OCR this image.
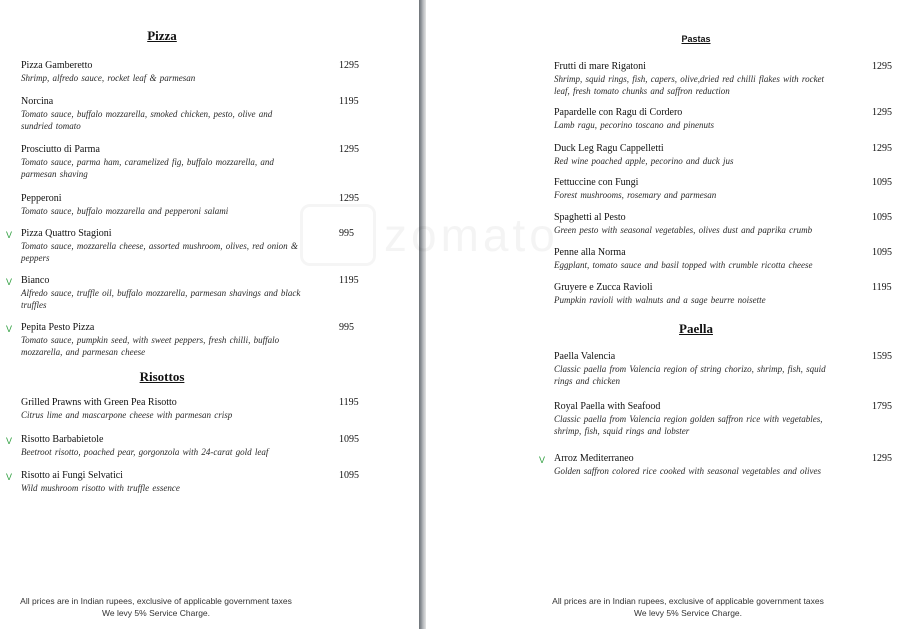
Pizza
Pizza Gamberetto
Shrimp, alfredo sauce, rocket leaf & parmesan
1295
Norcina
Tomato sauce, buffalo mozzarella, smoked chicken, pesto, olive and sundried tomato
1195
Prosciutto di Parma
Tomato sauce, parma ham, caramelized fig, buffalo mozzarella, and parmesan shaving
1295
Pepperoni
Tomato sauce, buffalo mozzarella and pepperoni salami
1295
Pizza Quattro Stagioni
Tomato sauce, mozzarella cheese, assorted mushroom, olives, red onion & peppers
995
V
Bianco
Alfredo sauce, truffle oil, buffalo mozzarella, parmesan shavings and black truffles
1195
V
Pepita Pesto Pizza
Tomato sauce, pumpkin seed, with sweet peppers, fresh chilli, buffalo mozzarella, and parmesan cheese
995
V
Risottos
Grilled Prawns with Green Pea Risotto
Citrus lime and mascarpone cheese with parmesan crisp
1195
Risotto Barbabietole
Beetroot risotto, poached pear, gorgonzola with 24-carat gold leaf
1095
V
Risotto ai Fungi Selvatici
Wild mushroom risotto with truffle essence
1095
V
All prices are in Indian rupees, exclusive of applicable government taxes
We levy 5% Service Charge.
Pastas
Frutti di mare Rigatoni
Shrimp, squid rings, fish, capers, olive,dried red chilli flakes with rocket leaf, fresh tomato chunks and saffron reduction
1295
Papardelle con Ragu di Cordero
Lamb ragu, pecorino toscano and pinenuts
1295
Duck Leg Ragu Cappelletti
Red wine poached apple, pecorino and duck jus
1295
Fettuccine con Fungi
Forest mushrooms, rosemary and parmesan
1095
Spaghetti al Pesto
Green pesto with seasonal vegetables, olives dust and paprika crumb
1095
Penne alla Norma
Eggplant, tomato sauce and basil topped with crumble ricotta cheese
1095
Gruyere e Zucca Ravioli
Pumpkin ravioli with walnuts and a sage beurre noisette
1195
Paella
Paella Valencia
Classic paella from Valencia region of string chorizo, shrimp, fish, squid rings and chicken
1595
Royal Paella with Seafood
Classic paella from Valencia region golden saffron rice with vegetables, shrimp, fish, squid rings and lobster
1795
Arroz Mediterraneo
Golden saffron colored rice cooked with seasonal vegetables and olives
1295
V
All prices are in Indian rupees, exclusive of applicable government taxes
We levy 5% Service Charge.
